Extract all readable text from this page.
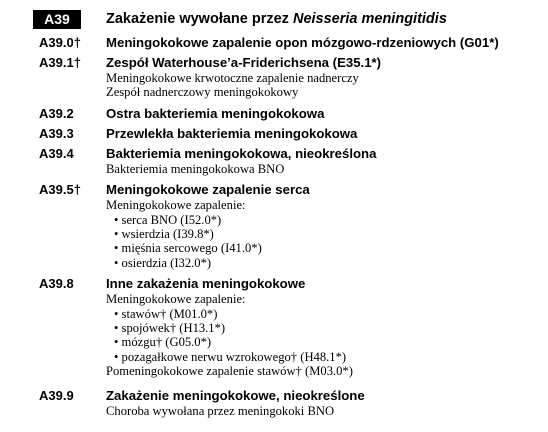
A39	Zakażenie wywołane przez Neisseria meningitidis
A39.0† Meningokokowe zapalenie opon mózgowo-rdzeniowych (G01*)
A39.1† Zespół Waterhouse’a-Friderichsena (E35.1*)
Meningokokowe krwotoczne zapalenie nadnerczy
Zespół nadnerczowy meningokokowy
A39.2 Ostra bakteriemia meningokokowa
A39.3 Przewlekła bakteriemia meningokokowa
A39.4 Bakteriemia meningokokowa, nieokreślona
Bakteriemia meningokokowa BNO
A39.5† Meningokokowe zapalenie serca
Meningokokowe zapalenie:
• serca BNO (I52.0*)
• wsierdzia (I39.8*)
• mięśnia sercowego (I41.0*)
• osierdzia (I32.0*)
A39.8 Inne zakażenia meningokokowe
Meningokokowe zapalenie:
• stawów† (M01.0*)
• spojówek† (H13.1*)
• mózgu† (G05.0*)
• pozagałkowe nerwu wzrokowego† (H48.1*)
Pomeningokokowe zapalenie stawów† (M03.0*)
A39.9 Zakażenie meningokokowe, nieokreślone
Choroba wywołana przez meningokoki BNO
